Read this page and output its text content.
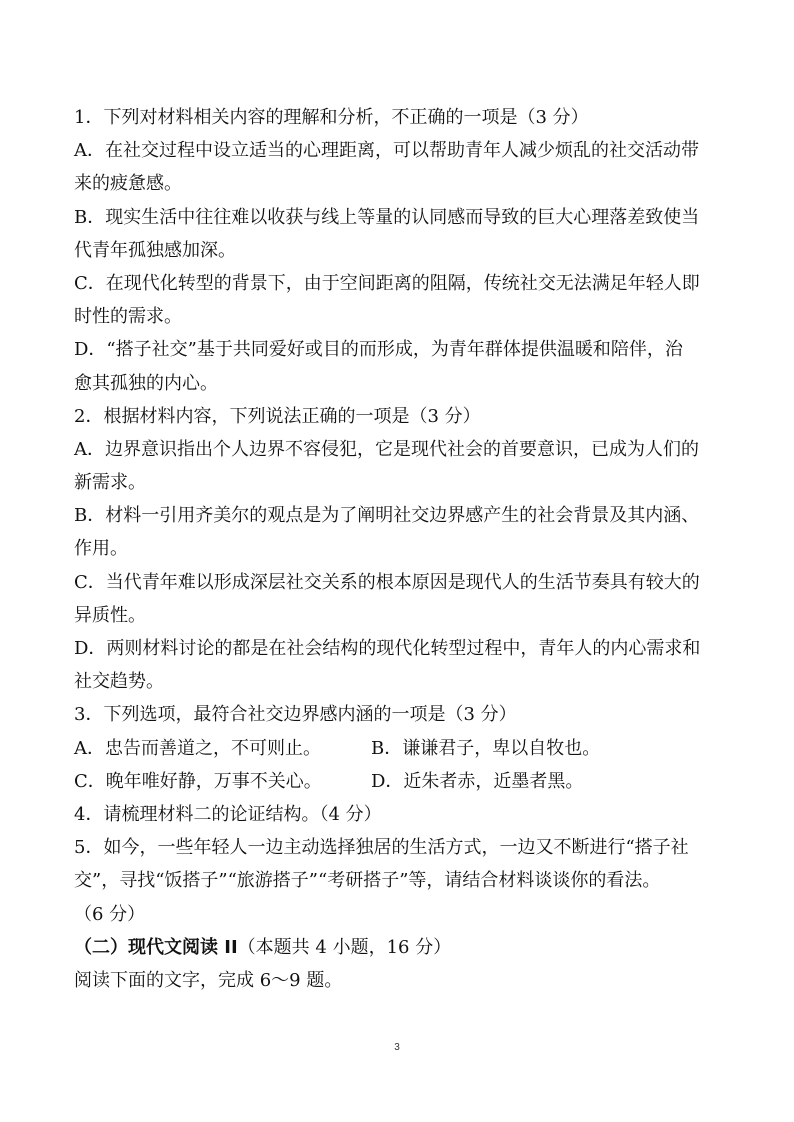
1．下列对材料相关内容的理解和分析，不正确的一项是（3 分）
A．在社交过程中设立适当的心理距离，可以帮助青年人减少烦乱的社交活动带
来的疲惫感。
B．现实生活中往往难以收获与线上等量的认同感而导致的巨大心理落差致使当
代青年孤独感加深。
C．在现代化转型的背景下，由于空间距离的阻隔，传统社交无法满足年轻人即
时性的需求。
D．“搭子社交”基于共同爱好或目的而形成，为青年群体提供温暖和陪伴，治
愈其孤独的内心。
2．根据材料内容，下列说法正确的一项是（3 分）
A．边界意识指出个人边界不容侵犯，它是现代社会的首要意识，已成为人们的
新需求。
B．材料一引用齐美尔的观点是为了阐明社交边界感产生的社会背景及其内涵、
作用。
C．当代青年难以形成深层社交关系的根本原因是现代人的生活节奏具有较大的
异质性。
D．两则材料讨论的都是在社会结构的现代化转型过程中，青年人的内心需求和
社交趋势。
3．下列选项，最符合社交边界感内涵的一项是（3 分）
A．忠告而善道之，不可则止。	B．谦谦君子，卑以自牧也。
C．晚年唯好静，万事不关心。	D．近朱者赤，近墨者黑。
4．请梳理材料二的论证结构。（4 分）
5．如今，一些年轻人一边主动选择独居的生活方式，一边又不断进行“搭子社
交”，寻找“饭搭子”“旅游搭子”“考研搭子”等，请结合材料谈谈你的看法。
（6 分）
（二）现代文阅读 II（本题共 4 小题，16 分）
阅读下面的文字，完成 6～9 题。
3
